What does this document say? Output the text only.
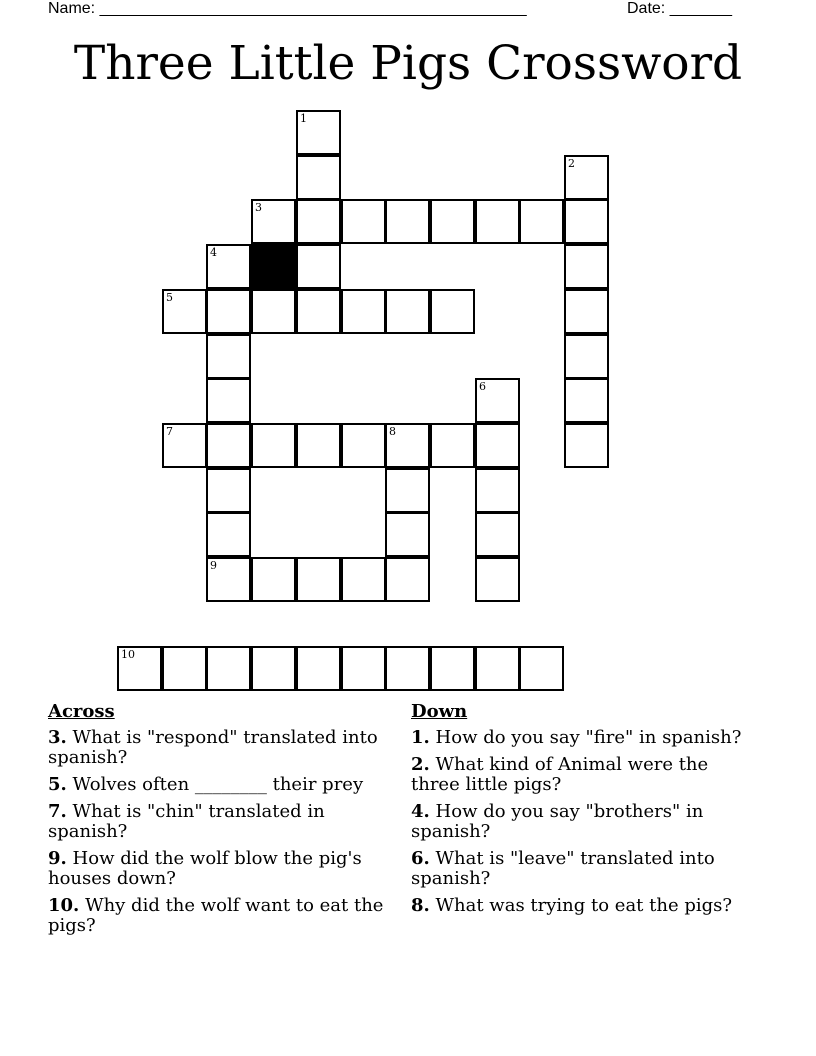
Name: ________________________________________________	Date: _______
Three Little Pigs Crossword
1
2
3
4
5
6
7	8
9
10
Across
3. What is "respond" translated into spanish?
5. Wolves often ________ their prey
7. What is "chin" translated in spanish?
9. How did the wolf blow the pig's houses down?
10. Why did the wolf want to eat the pigs?
Down
1. How do you say "fire" in spanish?
2. What kind of Animal were the three little pigs?
4. How do you say "brothers" in spanish?
6. What is "leave" translated into spanish?
8. What was trying to eat the pigs?
